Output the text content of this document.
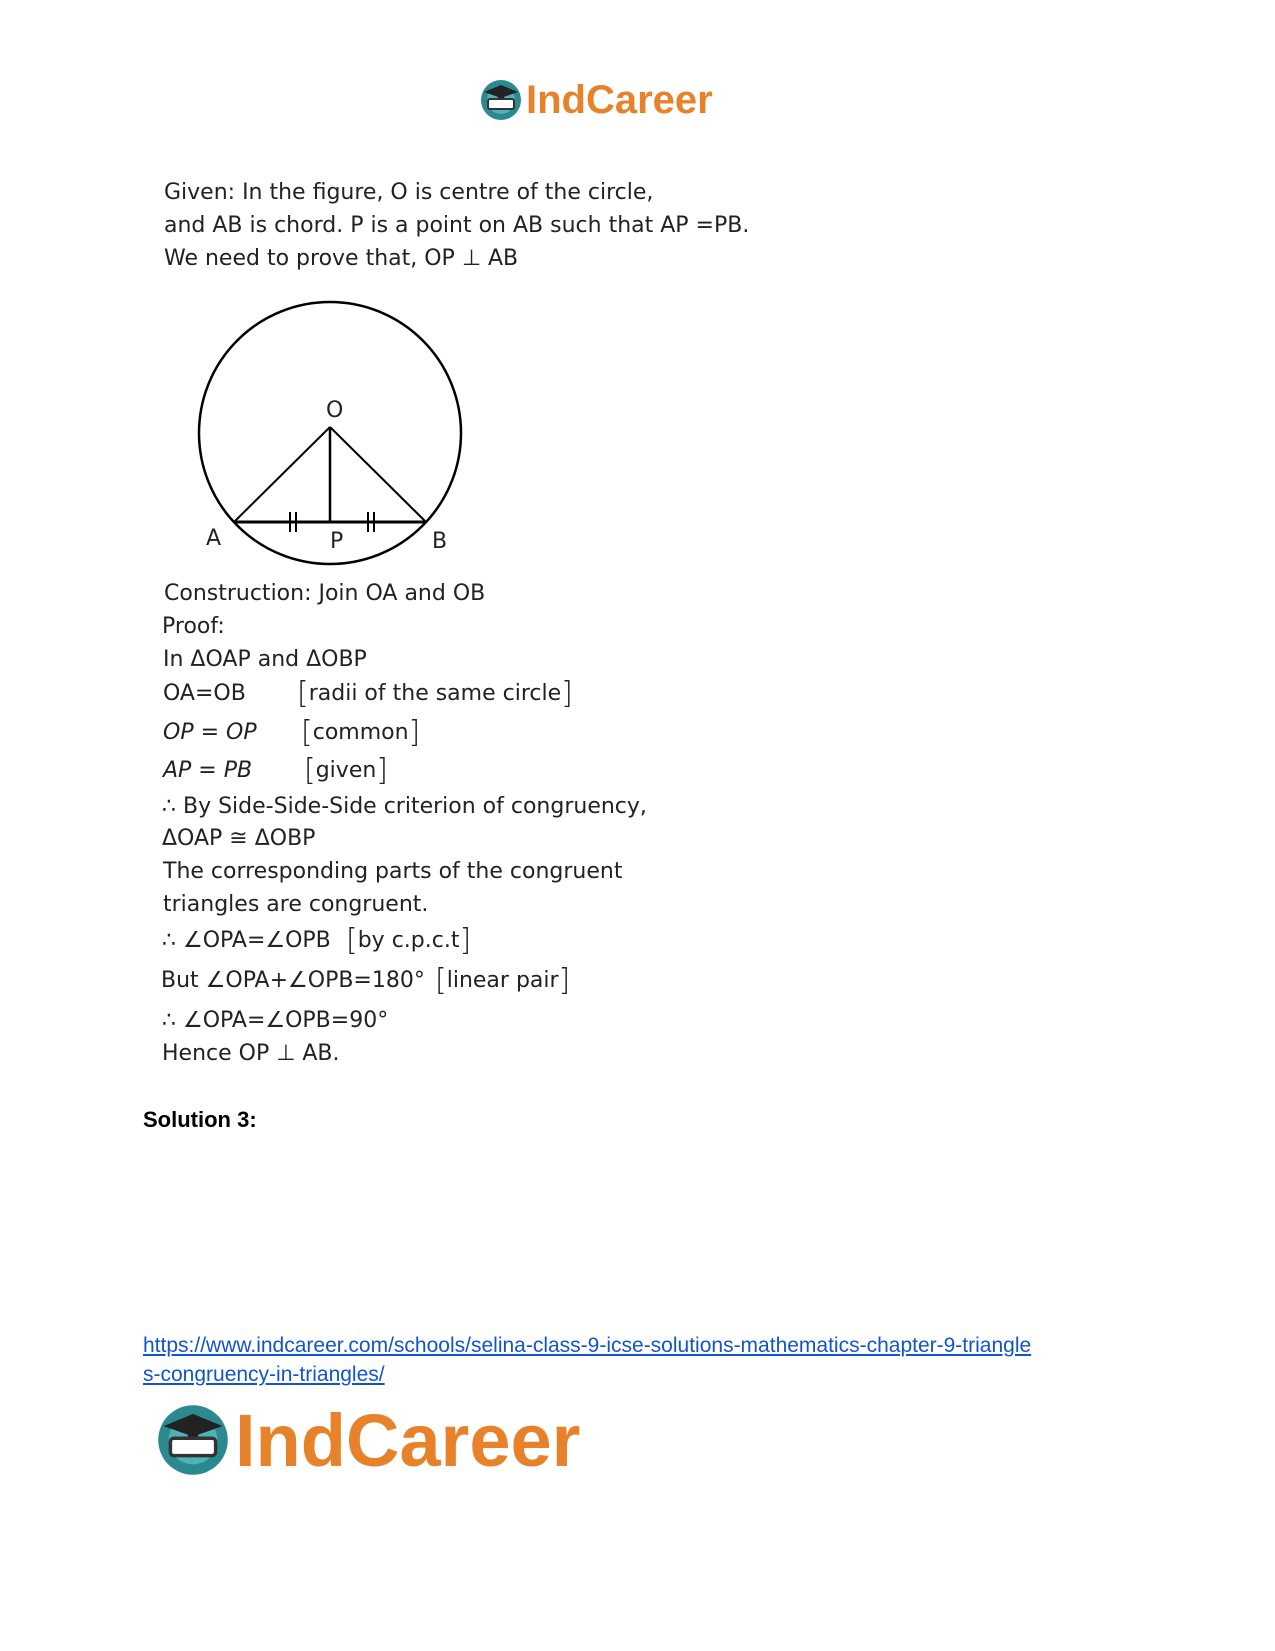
IndCareer
Given: In the figure, O is centre of the circle,
and AB is chord. P is a point on AB such that AP =PB.
We need to prove that, OP ⊥ AB
O
A	P	B
Construction: Join OA and OB
Proof:
In ΔOAP and ΔOBP
OA=OB [radii of the same circle]
OP = OP [common]
AP = PB [given]
∴ By Side-Side-Side criterion of congruency,
ΔOAP ≅ ΔOBP
The corresponding parts of the congruent
triangles are congruent.
∴ ∠OPA=∠OPB [by c.p.c.t]
But ∠OPA+∠OPB=180° [linear pair]
∴ ∠OPA=∠OPB=90°
Hence OP ⊥ AB.
Solution 3:
https://www.indcareer.com/schools/selina-class-9-icse-solutions-mathematics-chapter-9-triangle
s-congruency-in-triangles/
IndCareer
